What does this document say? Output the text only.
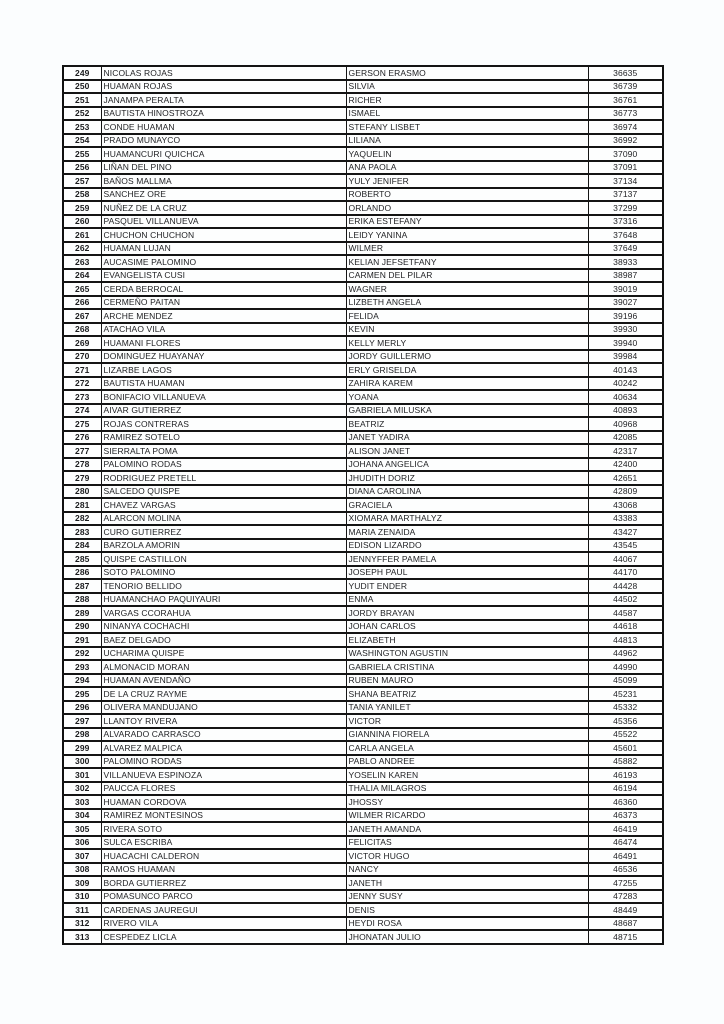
249	NICOLAS ROJAS	GERSON ERASMO	36635
250	HUAMAN ROJAS	SILVIA	36739
251	JANAMPA PERALTA	RICHER	36761
252	BAUTISTA HINOSTROZA	ISMAEL	36773
253	CONDE HUAMAN	STEFANY LISBET	36974
254	PRADO MUNAYCO	LILIANA	36992
255	HUAMANCURI QUICHCA	YAQUELIN	37090
256	LIÑAN DEL PINO	ANA PAOLA	37091
257	BAÑOS MALLMA	YULY JENIFER	37134
258	SANCHEZ ORE	ROBERTO	37137
259	NUÑEZ DE LA CRUZ	ORLANDO	37299
260	PASQUEL VILLANUEVA	ERIKA ESTEFANY	37316
261	CHUCHON CHUCHON	LEIDY YANINA	37648
262	HUAMAN LUJAN	WILMER	37649
263	AUCASIME PALOMINO	KELIAN JEFSETFANY	38933
264	EVANGELISTA CUSI	CARMEN DEL PILAR	38987
265	CERDA BERROCAL	WAGNER	39019
266	CERMEÑO PAITAN	LIZBETH ANGELA	39027
267	ARCHE MENDEZ	FELIDA	39196
268	ATACHAO VILA	KEVIN	39930
269	HUAMANI FLORES	KELLY MERLY	39940
270	DOMINGUEZ HUAYANAY	JORDY GUILLERMO	39984
271	LIZARBE LAGOS	ERLY GRISELDA	40143
272	BAUTISTA HUAMAN	ZAHIRA KAREM	40242
273	BONIFACIO VILLANUEVA	YOANA	40634
274	AIVAR GUTIERREZ	GABRIELA MILUSKA	40893
275	ROJAS CONTRERAS	BEATRIZ	40968
276	RAMIREZ SOTELO	JANET YADIRA	42085
277	SIERRALTA POMA	ALISON JANET	42317
278	PALOMINO RODAS	JOHANA ANGELICA	42400
279	RODRIGUEZ PRETELL	JHUDITH DORIZ	42651
280	SALCEDO QUISPE	DIANA CAROLINA	42809
281	CHAVEZ VARGAS	GRACIELA	43068
282	ALARCON MOLINA	XIOMARA MARTHALYZ	43383
283	CURO GUTIERREZ	MARIA ZENAIDA	43427
284	BARZOLA AMORIN	EDISON LIZARDO	43545
285	QUISPE CASTILLON	JENNYFFER PAMELA	44067
286	SOTO PALOMINO	JOSEPH PAUL	44170
287	TENORIO BELLIDO	YUDIT ENDER	44428
288	HUAMANCHAO PAQUIYAURI	ENMA	44502
289	VARGAS CCORAHUA	JORDY BRAYAN	44587
290	NINANYA COCHACHI	JOHAN CARLOS	44618
291	BAEZ DELGADO	ELIZABETH	44813
292	UCHARIMA QUISPE	WASHINGTON AGUSTIN	44962
293	ALMONACID MORAN	GABRIELA CRISTINA	44990
294	HUAMAN AVENDAÑO	RUBEN MAURO	45099
295	DE LA CRUZ RAYME	SHANA BEATRIZ	45231
296	OLIVERA MANDUJANO	TANIA YANILET	45332
297	LLANTOY RIVERA	VICTOR	45356
298	ALVARADO CARRASCO	GIANNINA FIORELA	45522
299	ALVAREZ MALPICA	CARLA ANGELA	45601
300	PALOMINO RODAS	PABLO ANDREE	45882
301	VILLANUEVA ESPINOZA	YOSELIN KAREN	46193
302	PAUCCA FLORES	THALIA MILAGROS	46194
303	HUAMAN CORDOVA	JHOSSY	46360
304	RAMIREZ MONTESINOS	WILMER RICARDO	46373
305	RIVERA SOTO	JANETH AMANDA	46419
306	SULCA ESCRIBA	FELICITAS	46474
307	HUACACHI CALDERON	VICTOR HUGO	46491
308	RAMOS HUAMAN	NANCY	46536
309	BORDA GUTIERREZ	JANETH	47255
310	POMASUNCO PARCO	JENNY SUSY	47283
311	CARDENAS JAUREGUI	DENIS	48449
312	RIVERO VILA	HEYDI ROSA	48687
313	CESPEDEZ LICLA	JHONATAN JULIO	48715
